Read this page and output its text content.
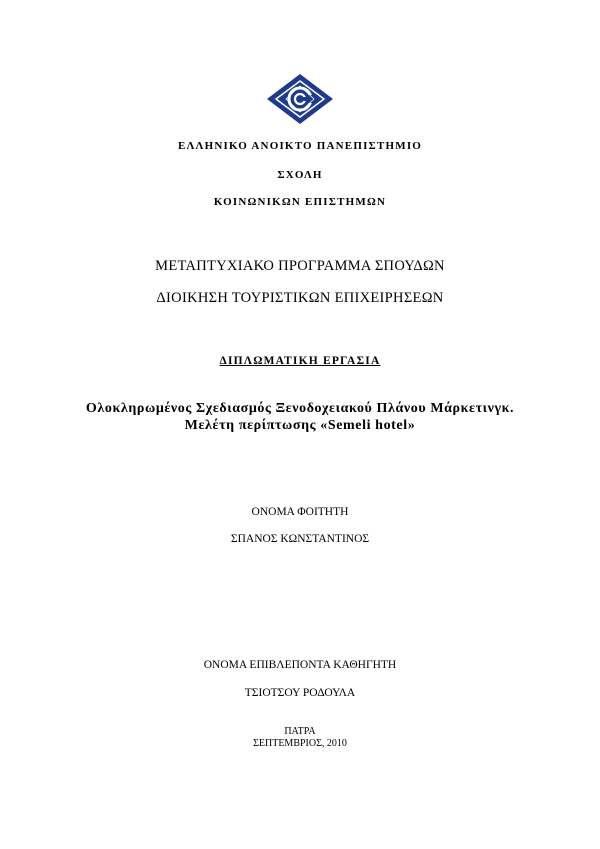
ΕΛΛΗΝΙΚΟ ΑΝΟΙΚΤΟ ΠΑΝΕΠΙΣΤΗΜΙΟ
ΣΧΟΛΗ
ΚΟΙΝΩΝΙΚΩΝ ΕΠΙΣΤΗΜΩΝ
ΜΕΤΑΠΤΥΧΙΑΚΟ ΠΡΟΓΡΑΜΜΑ ΣΠΟΥΔΩΝ
ΔΙΟΙΚΗΣΗ ΤΟΥΡΙΣΤΙΚΩΝ ΕΠΙΧΕΙΡΗΣΕΩΝ
ΔΙΠΛΩΜΑΤΙΚΗ ΕΡΓΑΣΙΑ
Ολοκληρωμένος Σχεδιασμός Ξενοδοχειακού Πλάνου Μάρκετινγκ.
Μελέτη περίπτωσης «Semeli hotel»
ΟΝΟΜΑ ΦΟΙΤΗΤΗ
ΣΠΑΝΟΣ ΚΩΝΣΤΑΝΤΙΝΟΣ
ΟΝΟΜΑ ΕΠΙΒΛΕΠΟΝΤΑ ΚΑΘΗΓΗΤΗ
ΤΣΙΟΤΣΟΥ ΡΟΔΟΥΛΑ
ΠΑΤΡΑ
ΣΕΠΤΕΜΒΡΙΟΣ, 2010
